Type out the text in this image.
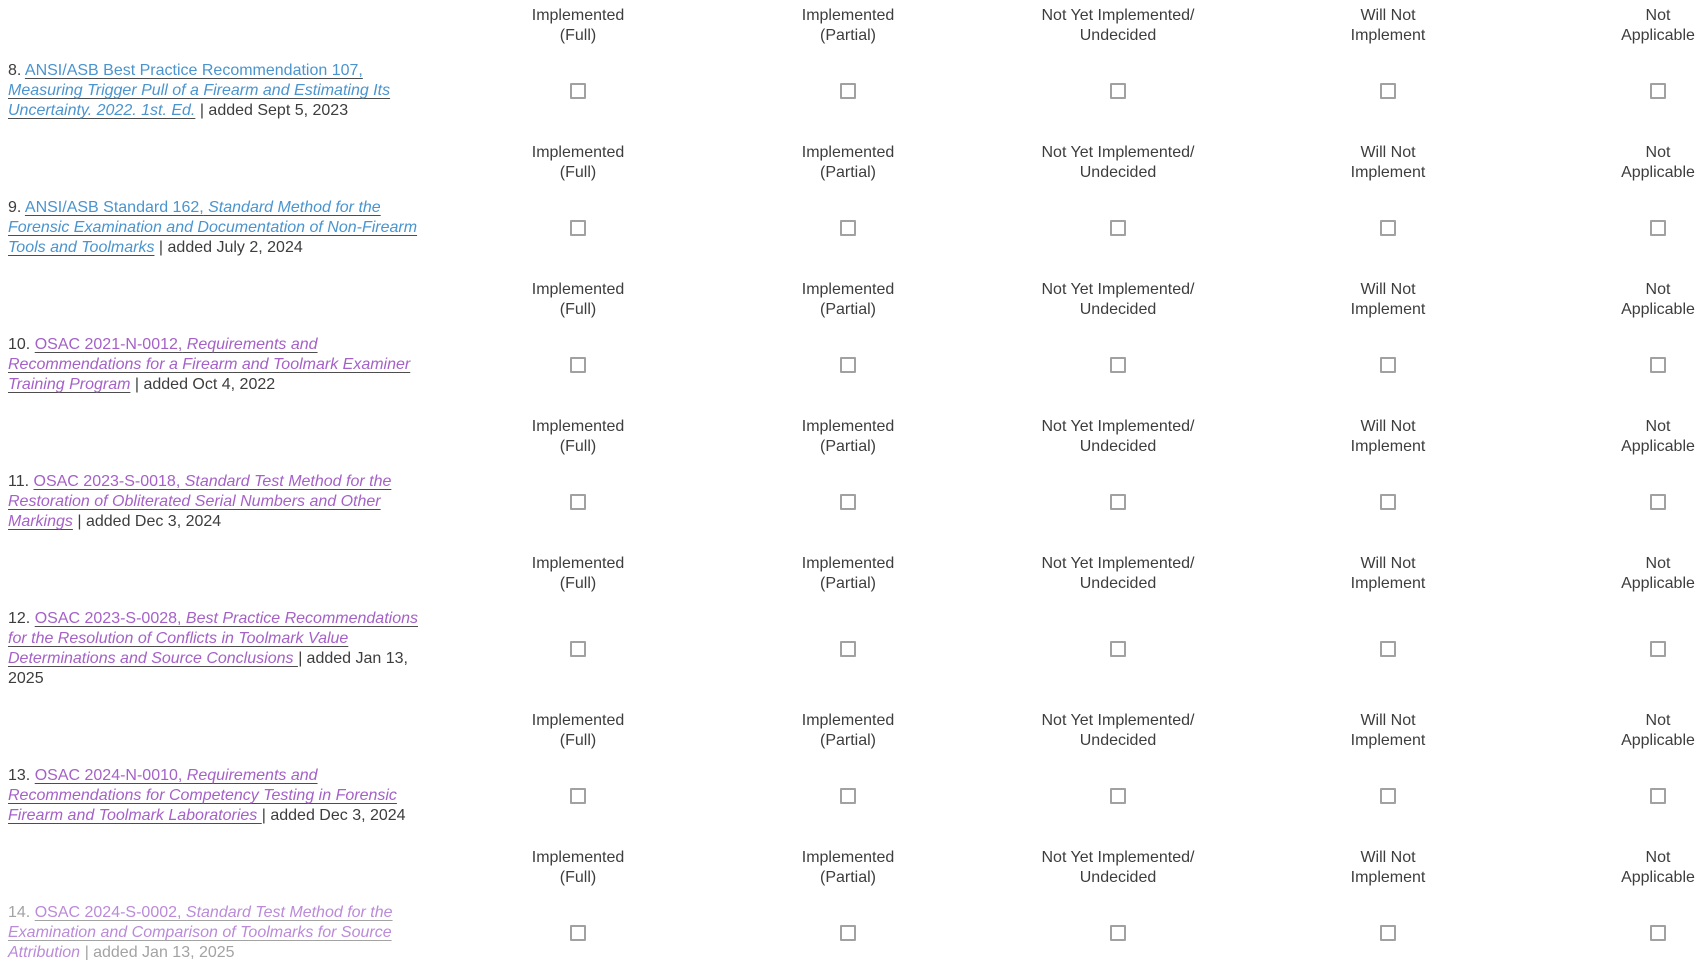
Implemented
(Full)
Implemented
(Partial)
Not Yet Implemented/
Undecided
Will Not
Implement
Not
Applicable

8. ANSI/ASB Best Practice Recommendation 107, Measuring Trigger Pull of a Firearm and Estimating Its Uncertainty. 2022. 1st. Ed. | added Sept 5, 2023

Implemented
(Full)
Implemented
(Partial)
Not Yet Implemented/
Undecided
Will Not
Implement
Not
Applicable

9. ANSI/ASB Standard 162, Standard Method for the Forensic Examination and Documentation of Non-Firearm Tools and Toolmarks | added July 2, 2024

Implemented
(Full)
Implemented
(Partial)
Not Yet Implemented/
Undecided
Will Not
Implement
Not
Applicable

10. OSAC 2021-N-0012, Requirements and Recommendations for a Firearm and Toolmark Examiner Training Program | added Oct 4, 2022

Implemented
(Full)
Implemented
(Partial)
Not Yet Implemented/
Undecided
Will Not
Implement
Not
Applicable

11. OSAC 2023-S-0018, Standard Test Method for the Restoration of Obliterated Serial Numbers and Other Markings | added Dec 3, 2024

Implemented
(Full)
Implemented
(Partial)
Not Yet Implemented/
Undecided
Will Not
Implement
Not
Applicable

12. OSAC 2023-S-0028, Best Practice Recommendations for the Resolution of Conflicts in Toolmark Value Determinations and Source Conclusions | added Jan 13, 2025

Implemented
(Full)
Implemented
(Partial)
Not Yet Implemented/
Undecided
Will Not
Implement
Not
Applicable

13. OSAC 2024-N-0010, Requirements and Recommendations for Competency Testing in Forensic Firearm and Toolmark Laboratories | added Dec 3, 2024

Implemented
(Full)
Implemented
(Partial)
Not Yet Implemented/
Undecided
Will Not
Implement
Not
Applicable

14. OSAC 2024-S-0002, Standard Test Method for the Examination and Comparison of Toolmarks for Source Attribution | added Jan 13, 2025
